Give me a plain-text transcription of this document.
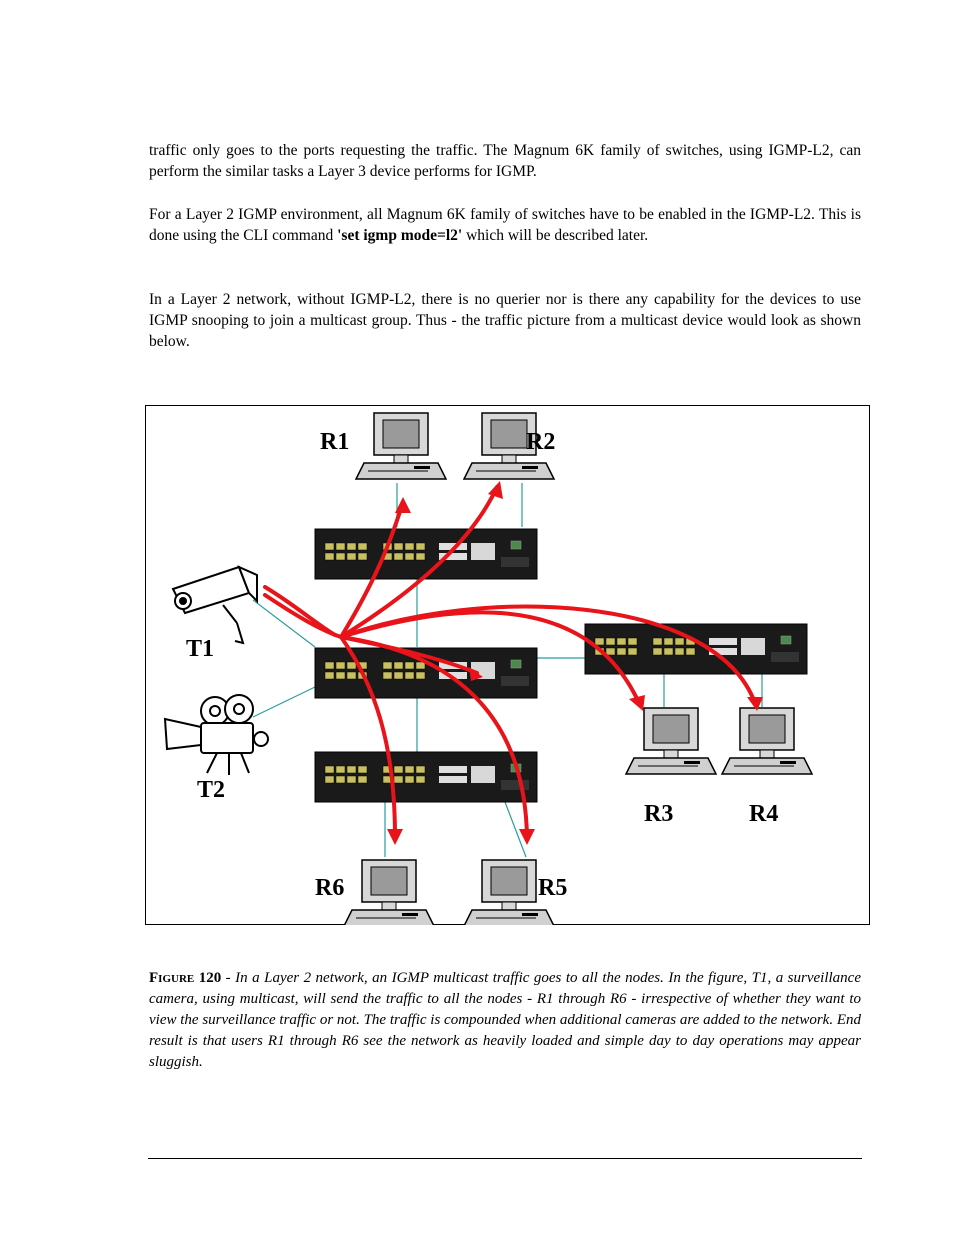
traffic only goes to the ports requesting the traffic. The Magnum 6K family of switches, using IGMP-L2, can perform the similar tasks a Layer 3 device performs for IGMP.

For a Layer 2 IGMP environment, all Magnum 6K family of switches have to be enabled in the IGMP-L2. This is done using the CLI command 'set igmp mode=l2' which will be described later.

In a Layer 2 network, without IGMP-L2, there is no querier nor is there any capability for the devices to use IGMP snooping to join a multicast group. Thus - the traffic picture from a multicast device would look as shown below.

R1	R2
R3	R4
R5
R6
T1
T2

Figure 120 - In a Layer 2 network, an IGMP multicast traffic goes to all the nodes. In the figure, T1, a surveillance camera, using multicast, will send the traffic to all the nodes - R1 through R6 - irrespective of whether they want to view the surveillance traffic or not. The traffic is compounded when additional cameras are added to the network. End result is that users R1 through R6 see the network as heavily loaded and simple day to day operations may appear sluggish.
